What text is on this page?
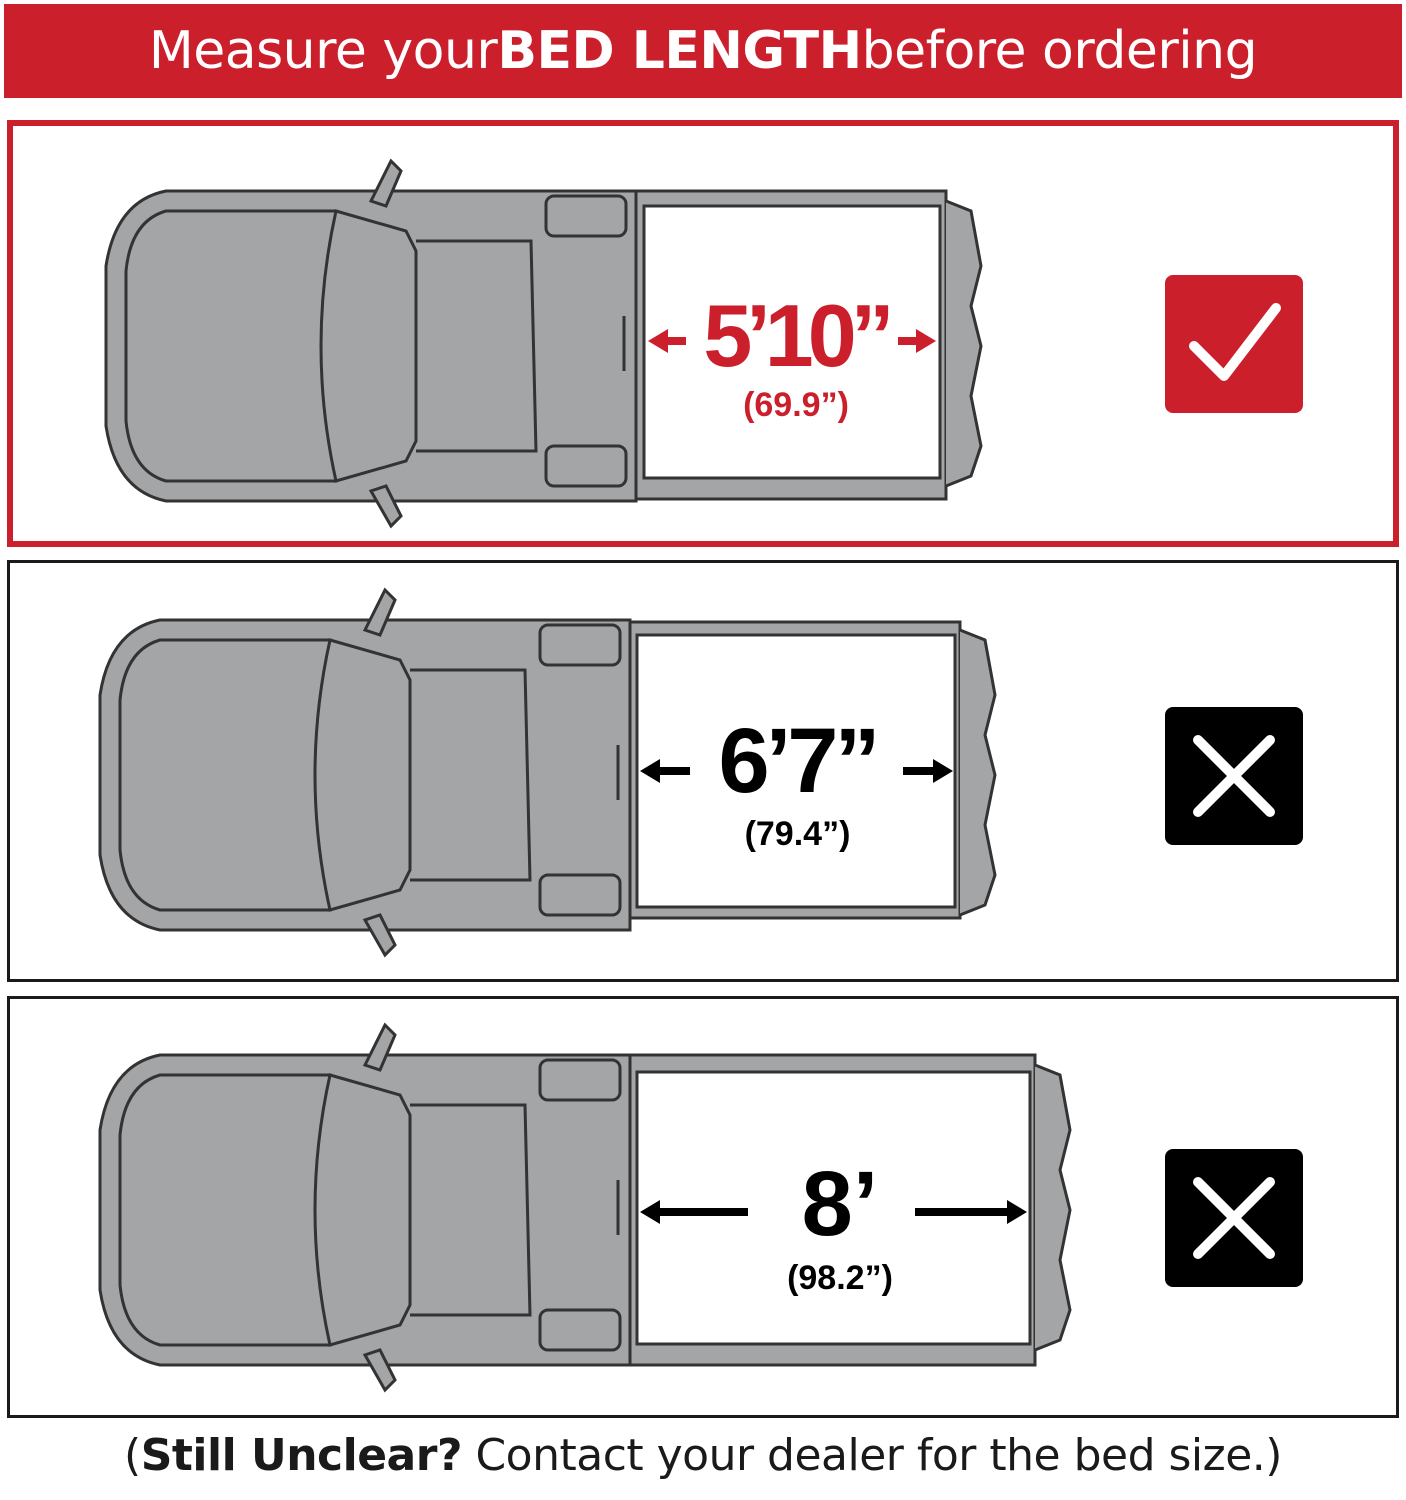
Measure your BED LENGTH before ordering
5’10”
(69.9”)
6’7”
(79.4”)
8’
(98.2”)
(Still Unclear? Contact your dealer for the bed size.)
